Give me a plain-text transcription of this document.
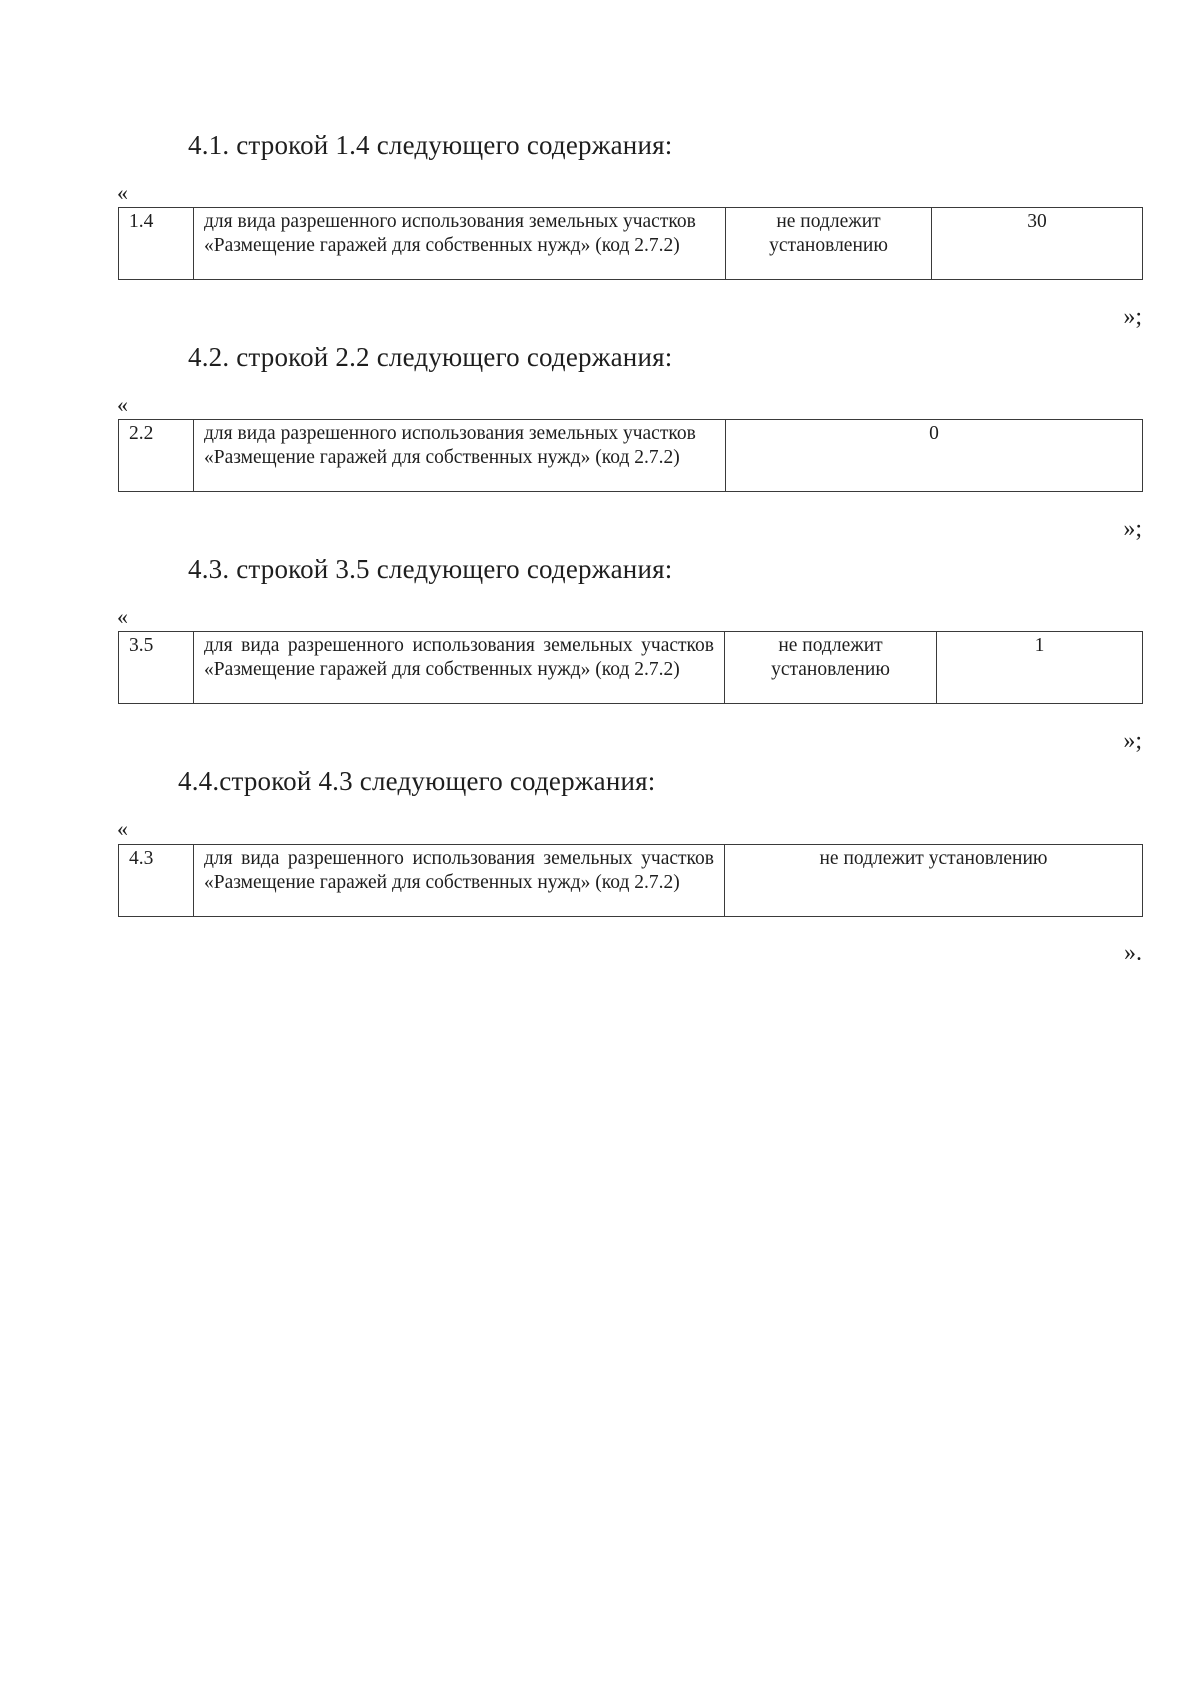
4.1. строкой 1.4 следующего содержания:
«
1.4	для вида разрешенного использования земельных участков «Размещение гаражей для собственных нужд» (код 2.7.2)	не подлежит установлению	30
»;
4.2. строкой 2.2 следующего содержания:
«
2.2	для вида разрешенного использования земельных участков «Размещение гаражей для собственных нужд» (код 2.7.2)	0
»;
4.3. строкой 3.5 следующего содержания:
«
3.5	для вида разрешенного использования земельных участков «Размещение гаражей для собственных нужд» (код 2.7.2)	не подлежит установлению	1
»;
4.4.строкой 4.3 следующего содержания:
«
4.3	для вида разрешенного использования земельных участков «Размещение гаражей для собственных нужд» (код 2.7.2)	не подлежит установлению
».
